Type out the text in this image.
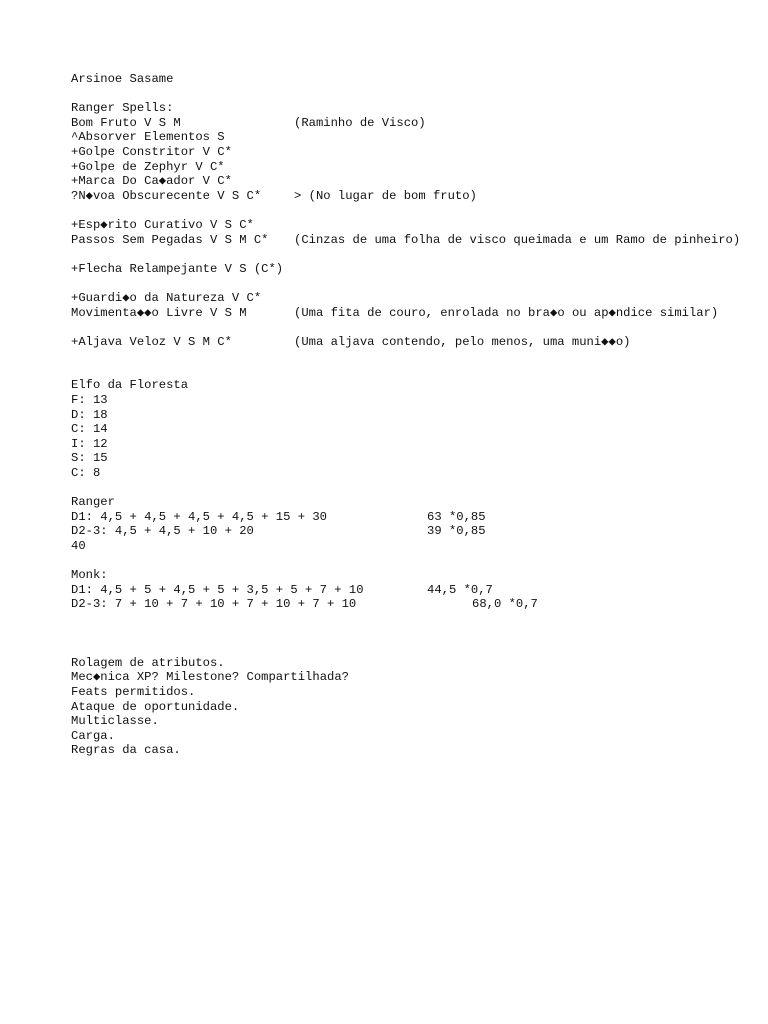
Arsinoe Sasame
Ranger Spells:
Bom Fruto V S M	(Raminho de Visco)
^Absorver Elementos S
+Golpe Constritor V C*
+Golpe de Zephyr V C*
+Marca Do Ca◆ador V C*
?N◆voa Obscurecente V S C*	> (No lugar de bom fruto)
+Esp◆rito Curativo V S C*
Passos Sem Pegadas V S M C*	(Cinzas de uma folha de visco queimada e um Ramo de pinheiro)
+Flecha Relampejante V S (C*)
+Guardi◆o da Natureza V C*
Movimenta◆◆o Livre V S M	(Uma fita de couro, enrolada no bra◆o ou ap◆ndice similar)
+Aljava Veloz V S M C*	(Uma aljava contendo, pelo menos, uma muni◆◆o)
Elfo da Floresta
F: 13
D: 18
C: 14
I: 12
S: 15
C: 8
Ranger
D1: 4,5 + 4,5 + 4,5 + 4,5 + 15 + 30	63 *0,85
D2-3: 4,5 + 4,5 + 10 + 20	39 *0,85
40
Monk:
D1: 4,5 + 5 + 4,5 + 5 + 3,5 + 5 + 7 + 10	44,5 *0,7
D2-3: 7 + 10 + 7 + 10 + 7 + 10 + 7 + 10	68,0 *0,7
Rolagem de atributos.
Mec◆nica XP? Milestone? Compartilhada?
Feats permitidos.
Ataque de oportunidade.
Multiclasse.
Carga.
Regras da casa.
